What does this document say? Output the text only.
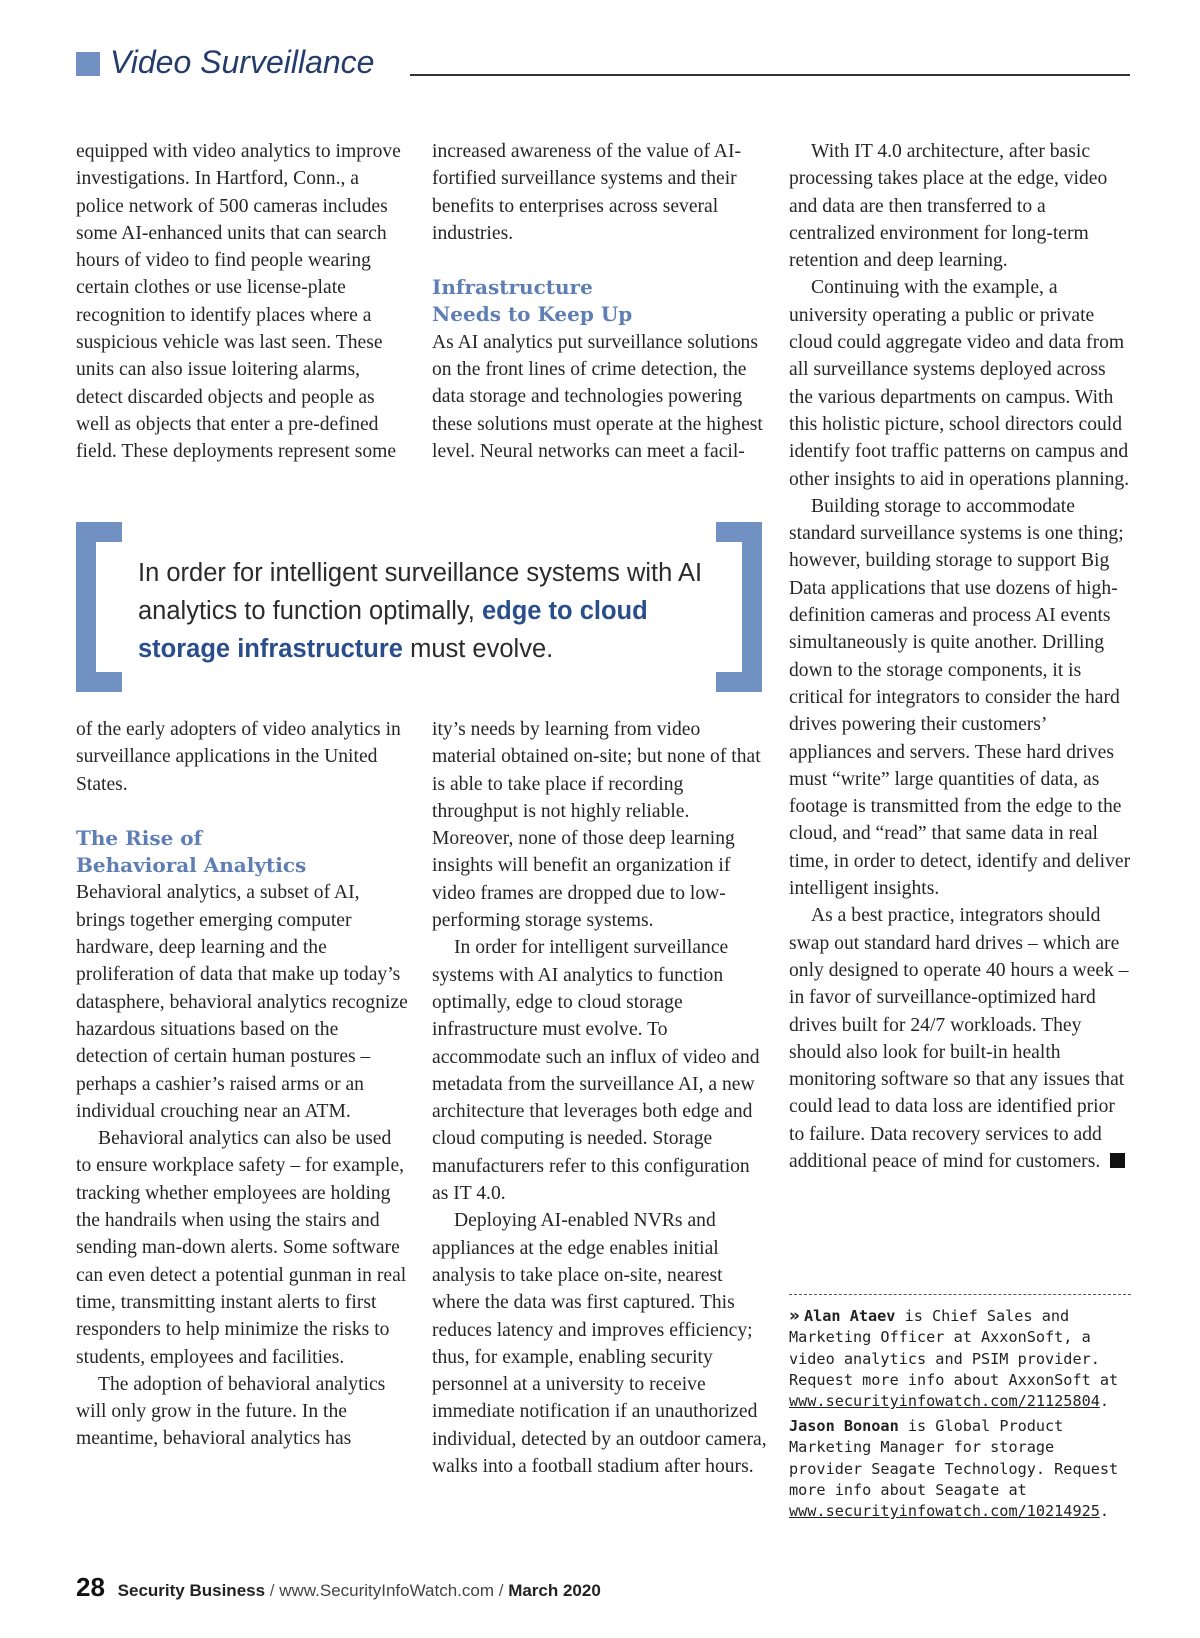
Video Surveillance

equipped with video analytics to improve investigations. In Hartford, Conn., a police network of 500 cameras includes some AI-enhanced units that can search hours of video to find people wearing certain clothes or use license-plate recognition to identify places where a suspicious vehicle was last seen. These units can also issue loitering alarms, detect discarded objects and people as well as objects that enter a pre-defined field. These deployments represent some

increased awareness of the value of AI-fortified surveillance systems and their benefits to enterprises across several industries.

Infrastructure
Needs to Keep Up

As AI analytics put surveillance solutions on the front lines of crime detection, the data storage and technologies powering these solutions must operate at the highest level. Neural networks can meet a facil-

In order for intelligent surveillance systems with AI analytics to function optimally, edge to cloud storage infrastructure must evolve.

of the early adopters of video analytics in surveillance applications in the United States.

The Rise of
Behavioral Analytics

Behavioral analytics, a subset of AI, brings together emerging computer hardware, deep learning and the proliferation of data that make up today’s datasphere, behavioral analytics recognize hazardous situations based on the detection of certain human postures – perhaps a cashier’s raised arms or an individual crouching near an ATM.

Behavioral analytics can also be used to ensure workplace safety – for example, tracking whether employees are holding the handrails when using the stairs and sending man-down alerts. Some software can even detect a potential gunman in real time, transmitting instant alerts to first responders to help minimize the risks to students, employees and facilities.

The adoption of behavioral analytics will only grow in the future. In the meantime, behavioral analytics has

ity’s needs by learning from video material obtained on-site; but none of that is able to take place if recording throughput is not highly reliable. Moreover, none of those deep learning insights will benefit an organization if video frames are dropped due to low-performing storage systems.

In order for intelligent surveillance systems with AI analytics to function optimally, edge to cloud storage infrastructure must evolve. To accommodate such an influx of video and metadata from the surveillance AI, a new architecture that leverages both edge and cloud computing is needed. Storage manufacturers refer to this configuration as IT 4.0.

Deploying AI-enabled NVRs and appliances at the edge enables initial analysis to take place on-site, nearest where the data was first captured. This reduces latency and improves efficiency; thus, for example, enabling security personnel at a university to receive immediate notification if an unauthorized individual, detected by an outdoor camera, walks into a football stadium after hours.

With IT 4.0 architecture, after basic processing takes place at the edge, video and data are then transferred to a centralized environment for long-term retention and deep learning.

Continuing with the example, a university operating a public or private cloud could aggregate video and data from all surveillance systems deployed across the various departments on campus. With this holistic picture, school directors could identify foot traffic patterns on campus and other insights to aid in operations planning.

Building storage to accommodate standard surveillance systems is one thing; however, building storage to support Big Data applications that use dozens of high-definition cameras and process AI events simultaneously is quite another. Drilling down to the storage components, it is critical for integrators to consider the hard drives powering their customers’ appliances and servers. These hard drives must “write” large quantities of data, as footage is transmitted from the edge to the cloud, and “read” that same data in real time, in order to detect, identify and deliver intelligent insights.

As a best practice, integrators should swap out standard hard drives – which are only designed to operate 40 hours a week – in favor of surveillance-optimized hard drives built for 24/7 workloads. They should also look for built-in health monitoring software so that any issues that could lead to data loss are identified prior to failure. Data recovery services to add additional peace of mind for customers.

» Alan Ataev is Chief Sales and Marketing Officer at AxxonSoft, a video analytics and PSIM provider. Request more info about AxxonSoft at www.securityinfowatch.com/21125804.
Jason Bonoan is Global Product Marketing Manager for storage provider Seagate Technology. Request more info about Seagate at www.securityinfowatch.com/10214925.
28 Security Business / www.SecurityInfoWatch.com / March 2020
